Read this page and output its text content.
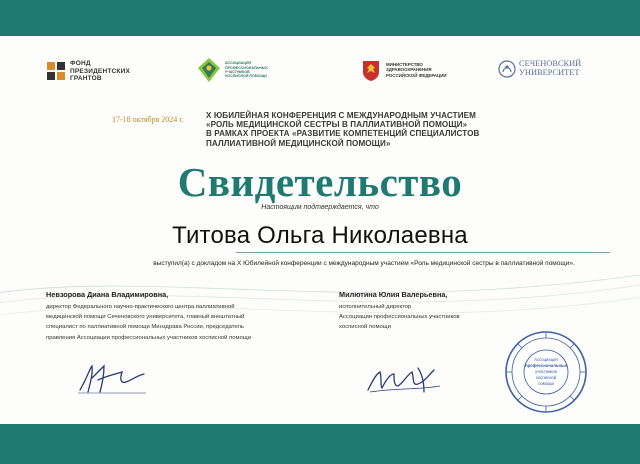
ФОНД
ПРЕЗИДЕНТСКИХ
ГРАНТОВ
АССОЦИАЦИЯ ПРОФЕССИОНАЛЬНЫХ УЧАСТНИКОВ ХОСПИСНОЙ ПОМОЩИ
МИНИСТЕРСТВО
ЗДРАВООХРАНЕНИЯ
РОССИЙСКОЙ ФЕДЕРАЦИИ
СЕЧЕНОВСКИЙ
УНИВЕРСИТЕТ
17-18 октября 2024 г.	X ЮБИЛЕЙНАЯ КОНФЕРЕНЦИЯ С МЕЖДУНАРОДНЫМ УЧАСТИЕМ
«РОЛЬ МЕДИЦИНСКОЙ СЕСТРЫ В ПАЛЛИАТИВНОЙ ПОМОЩИ»
В РАМКАХ ПРОЕКТА «РАЗВИТИЕ КОМПЕТЕНЦИЙ СПЕЦИАЛИСТОВ
ПАЛЛИАТИВНОЙ МЕДИЦИНСКОЙ ПОМОЩИ»
Свидетельство
Настоящим подтверждается, что
Титова Ольга Николаевна
выступил(а) с докладом на X Юбилейной конференции с международным участием «Роль медицинской сестры в паллиативной помощи».
Невзорова Диана Владимировна,
директор Федерального научно-практического центра паллиативной
медицинской помощи Сеченовского университета, главный внештатный
специалист по паллиативной помощи Минздрава России, председатель
правления Ассоциации профессиональных участников хосписной помощи
Милютина Юлия Валерьевна,
исполнительный директор
Ассоциации профессиональных участников
хосписной помощи
Ассоциация
профессиональных
участников
хосписной
помощи
